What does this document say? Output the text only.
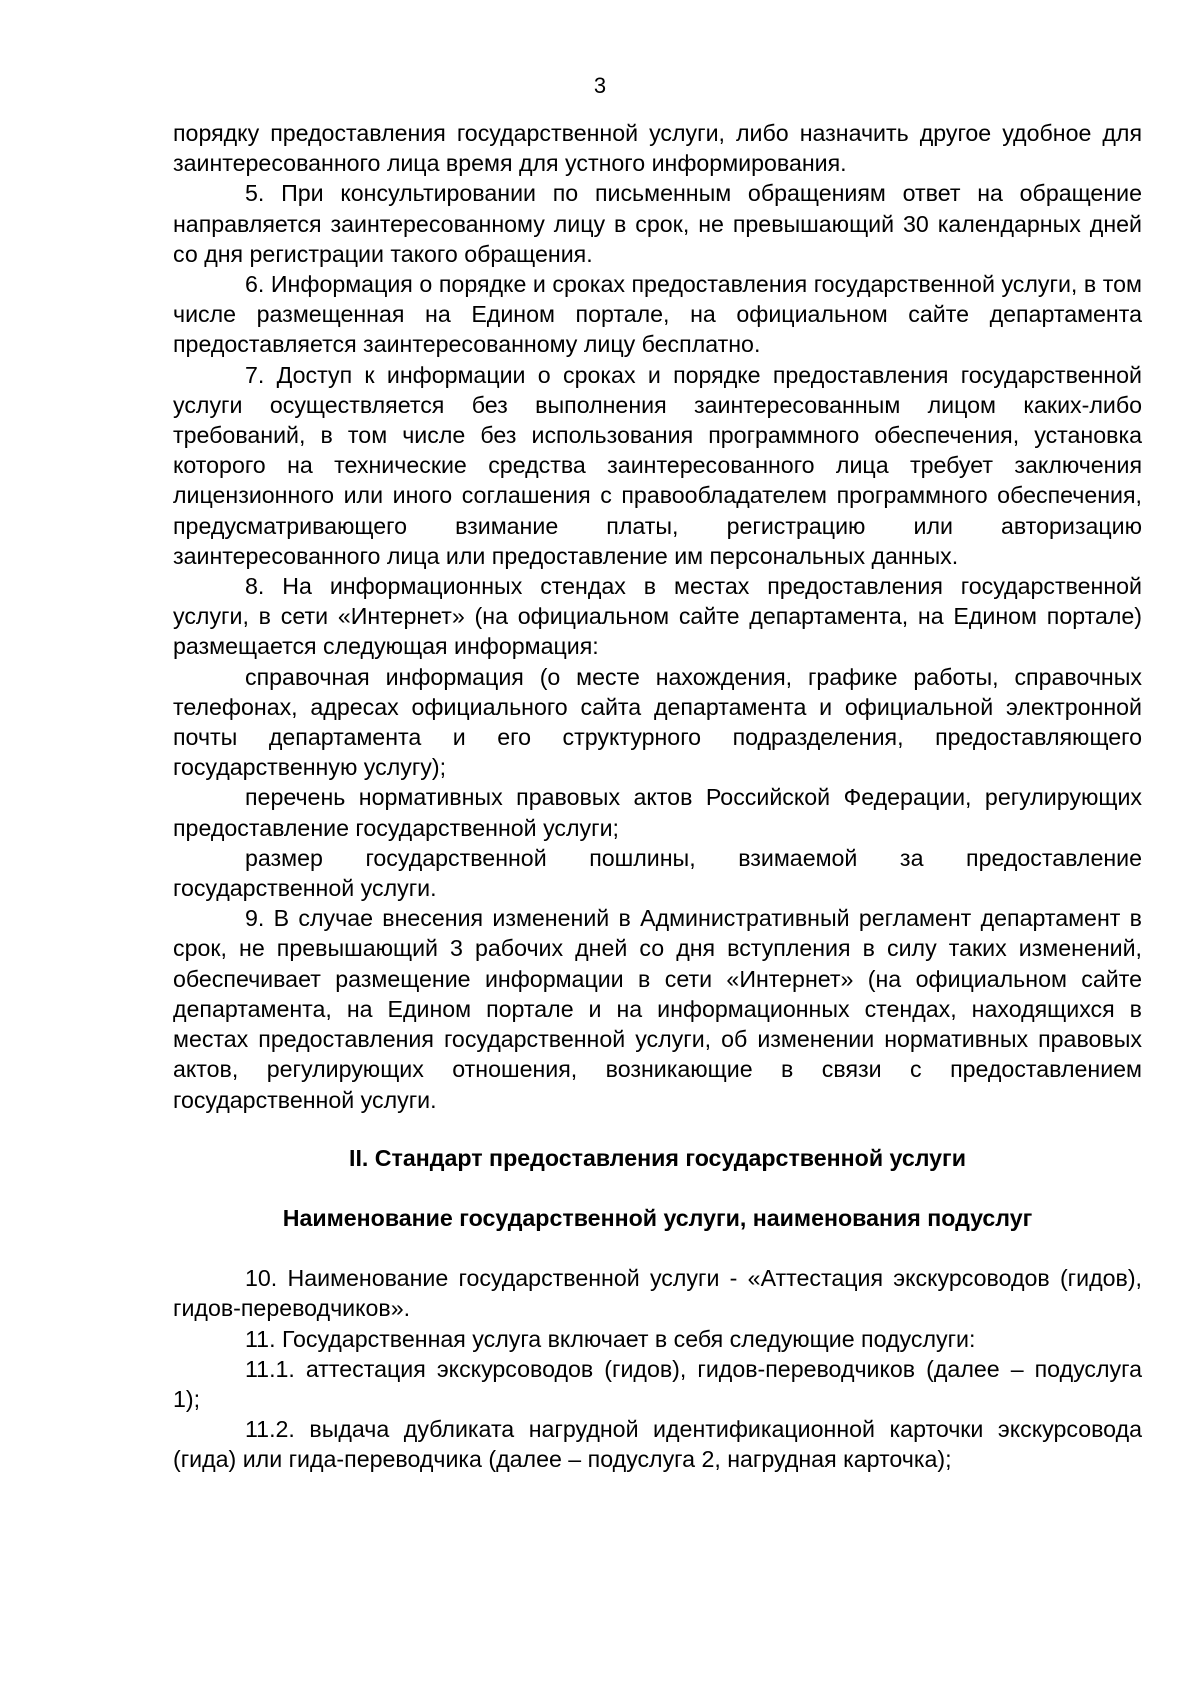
3

порядку предоставления государственной услуги, либо назначить другое удобное для заинтересованного лица время для устного информирования.

5. При консультировании по письменным обращениям ответ на обращение направляется заинтересованному лицу в срок, не превышающий 30 календарных дней со дня регистрации такого обращения.

6. Информация о порядке и сроках предоставления государственной услуги, в том числе размещенная на Едином портале, на официальном сайте департамента предоставляется заинтересованному лицу бесплатно.

7. Доступ к информации о сроках и порядке предоставления государственной услуги осуществляется без выполнения заинтересованным лицом каких-либо требований, в том числе без использования программного обеспечения, установка которого на технические средства заинтересованного лица требует заключения лицензионного или иного соглашения с правообладателем программного обеспечения, предусматривающего взимание платы, регистрацию или авторизацию заинтересованного лица или предоставление им персональных данных.

8. На информационных стендах в местах предоставления государственной услуги, в сети «Интернет» (на официальном сайте департамента, на Едином портале) размещается следующая информация:

справочная информация (о месте нахождения, графике работы, справочных телефонах, адресах официального сайта департамента и официальной электронной почты департамента и его структурного подразделения, предоставляющего государственную услугу);

перечень нормативных правовых актов Российской Федерации, регулирующих предоставление государственной услуги;

размер государственной пошлины, взимаемой за предоставление государственной услуги.

9. В случае внесения изменений в Административный регламент департамент в срок, не превышающий 3 рабочих дней со дня вступления в силу таких изменений, обеспечивает размещение информации в сети «Интернет» (на официальном сайте департамента, на Едином портале и на информационных стендах, находящихся в местах предоставления государственной услуги, об изменении нормативных правовых актов, регулирующих отношения, возникающие в связи с предоставлением государственной услуги.

II. Стандарт предоставления государственной услуги
Наименование государственной услуги, наименования подуслуг

10. Наименование государственной услуги - «Аттестация экскурсоводов (гидов), гидов-переводчиков».

11. Государственная услуга включает в себя следующие подуслуги:

11.1. аттестация экскурсоводов (гидов), гидов-переводчиков (далее – подуслуга 1);

11.2. выдача дубликата нагрудной идентификационной карточки экскурсовода (гида) или гида-переводчика (далее – подуслуга 2, нагрудная карточка);
